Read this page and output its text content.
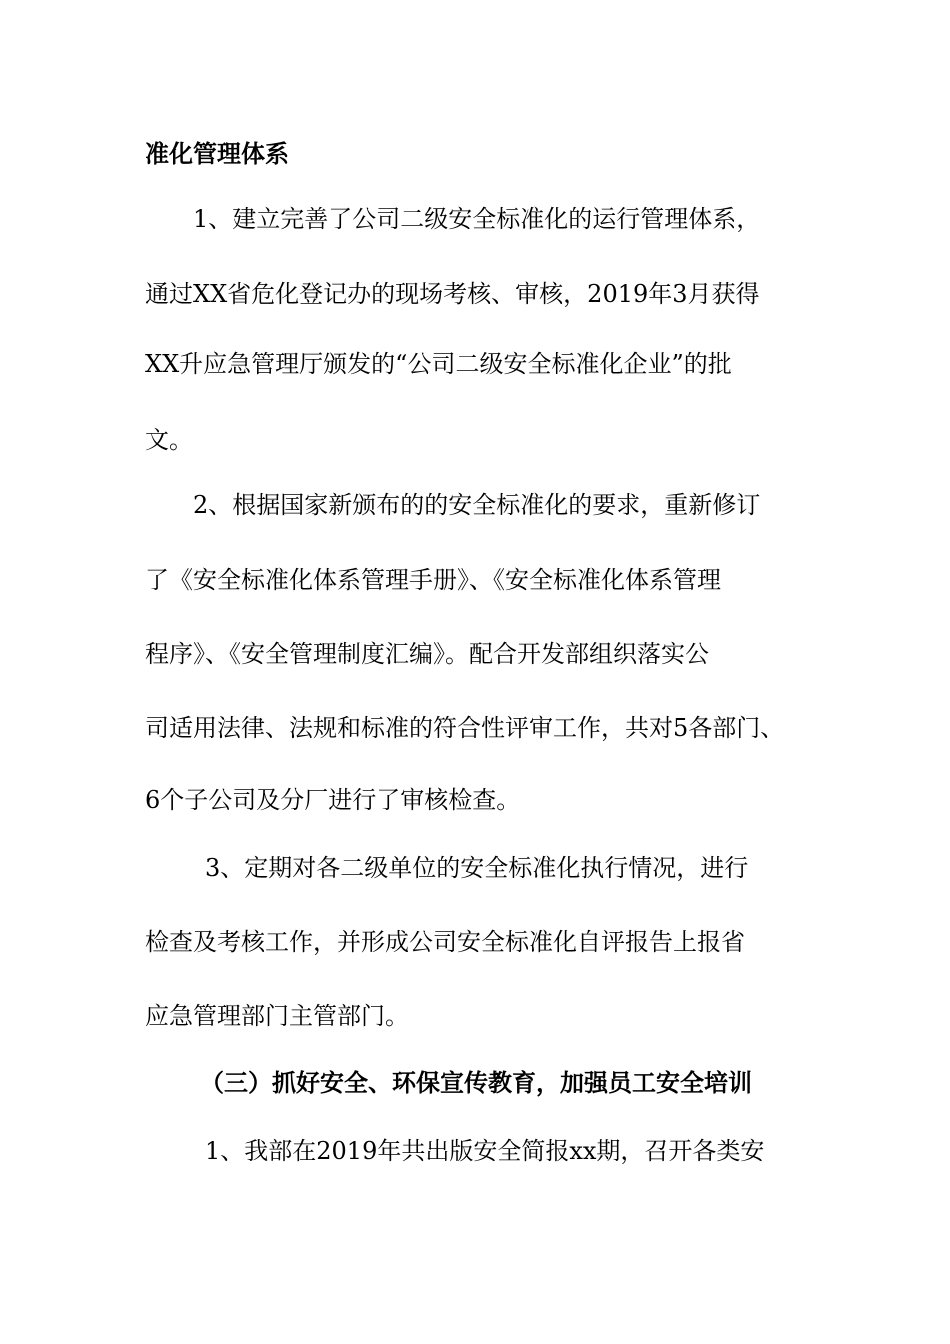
准化管理体系
1、建立完善了公司二级安全标准化的运行管理体系，
通过XX省危化登记办的现场考核、审核，2019年3月获得
XX升应急管理厅颁发的“公司二级安全标准化企业”的批
文。
2、根据国家新颁布的的安全标准化的要求，重新修订
了《安全标准化体系管理手册》、《安全标准化体系管理
程序》、《安全管理制度汇编》。配合开发部组织落实公
司适用法律、法规和标准的符合性评审工作，共对5各部门、
6个子公司及分厂进行了审核检查。
3、定期对各二级单位的安全标准化执行情况，进行
检查及考核工作，并形成公司安全标准化自评报告上报省
应急管理部门主管部门。
（三）抓好安全、环保宣传教育，加强员工安全培训
1、我部在2019年共出版安全简报xx期，召开各类安
